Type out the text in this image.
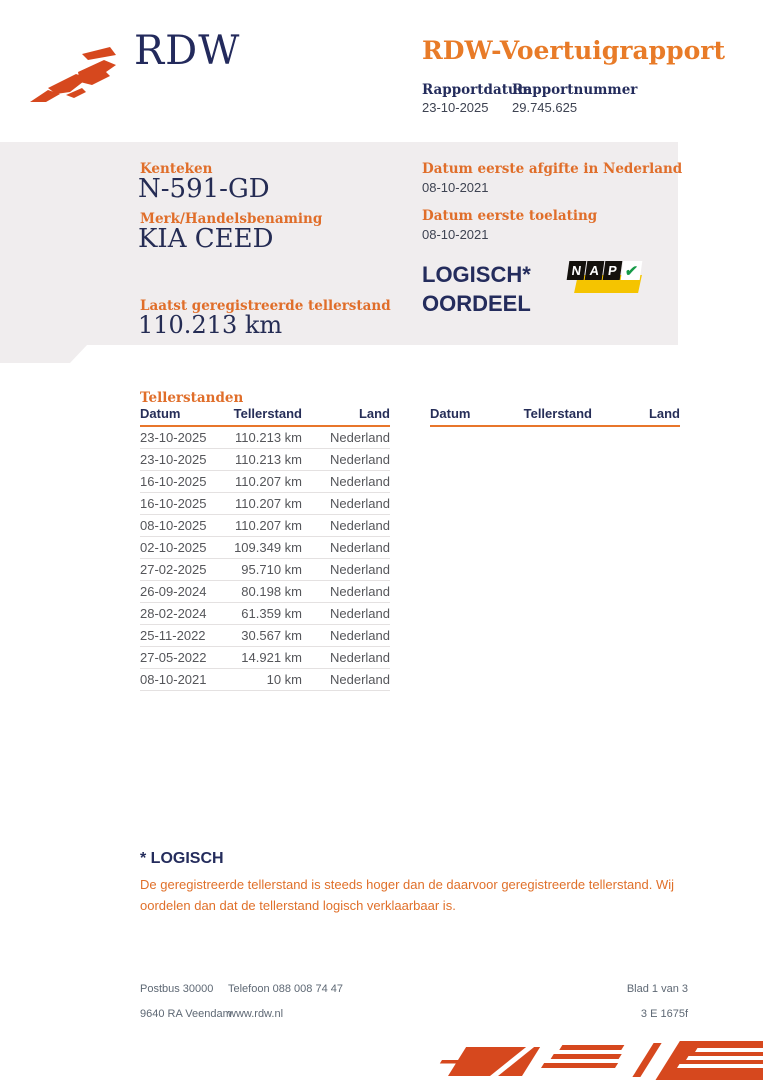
RDW	RDW-Voertuigrapport
Rapportdatum
Rapportnummer
23-10-2025 29.745.625
Kenteken
N-591-GD
Merk/Handelsbenaming
KIA CEED
Laatst geregistreerde tellerstand
110.213 km
Datum eerste afgifte in Nederland
08-10-2021
Datum eerste toelating
08-10-2021
LOGISCH*
OORDEEL
N A P ✔
Tellerstanden
Datum	Tellerstand	Land
23-10-2025	110.213 km	Nederland
23-10-2025	110.213 km	Nederland
16-10-2025	110.207 km	Nederland
16-10-2025	110.207 km	Nederland
08-10-2025	110.207 km	Nederland
02-10-2025	109.349 km	Nederland
27-02-2025	95.710 km	Nederland
26-09-2024	80.198 km	Nederland
28-02-2024	61.359 km	Nederland
25-11-2022	30.567 km	Nederland
27-05-2022	14.921 km	Nederland
08-10-2021	10 km	Nederland
Datum	Tellerstand	Land
* LOGISCH
De geregistreerde tellerstand is steeds hoger dan de daarvoor geregistreerde tellerstand. Wij oordelen dan dat de tellerstand logisch verklaarbaar is.
Postbus 30000
9640 RA Veendam
Telefoon 088 008 74 47
www.rdw.nl
Blad 1 van 3
3 E 1675f
